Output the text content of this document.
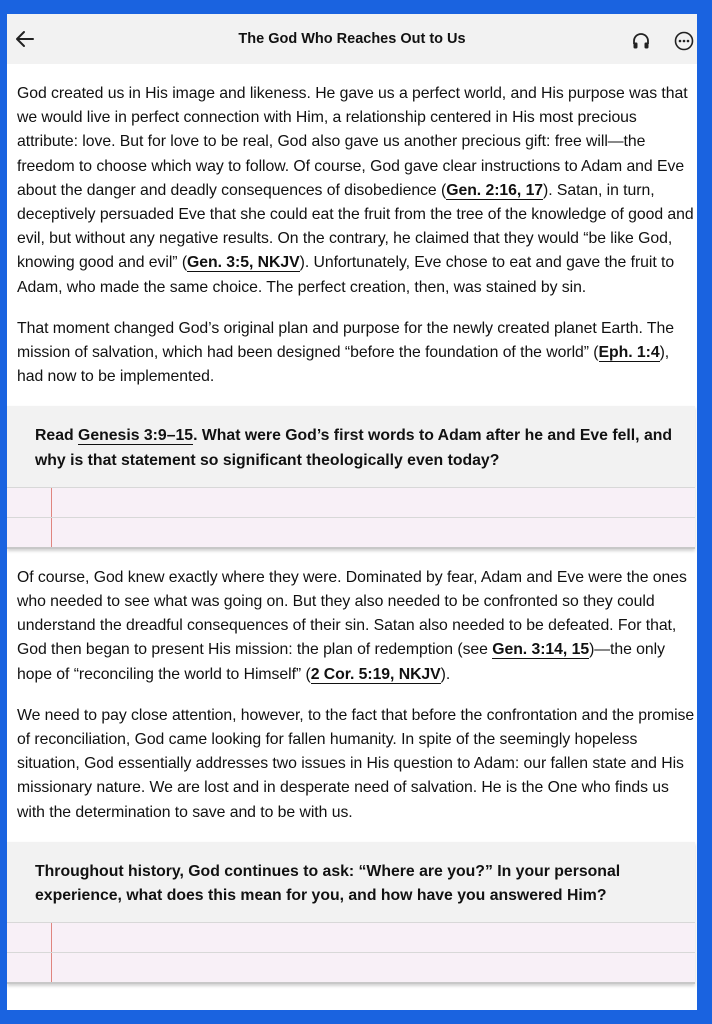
The God Who Reaches Out to Us

God created us in His image and likeness. He gave us a perfect world, and His purpose was that we would live in perfect connection with Him, a relationship centered in His most precious attribute: love. But for love to be real, God also gave us another precious gift: free will—the freedom to choose which way to follow. Of course, God gave clear instructions to Adam and Eve about the danger and deadly consequences of disobedience (Gen. 2:16, 17). Satan, in turn, deceptively persuaded Eve that she could eat the fruit from the tree of the knowledge of good and evil, but without any negative results. On the contrary, he claimed that they would “be like God, knowing good and evil” (Gen. 3:5, NKJV). Unfortunately, Eve chose to eat and gave the fruit to Adam, who made the same choice. The perfect creation, then, was stained by sin.

That moment changed God’s original plan and purpose for the newly created planet Earth. The mission of salvation, which had been designed “before the foundation of the world” (Eph. 1:4), had now to be implemented.

Read Genesis 3:9–15. What were God’s first words to Adam after he and Eve fell, and why is that statement so significant theologically even today?

Of course, God knew exactly where they were. Dominated by fear, Adam and Eve were the ones who needed to see what was going on. But they also needed to be confronted so they could understand the dreadful consequences of their sin. Satan also needed to be defeated. For that, God then began to present His mission: the plan of redemption (see Gen. 3:14, 15)—the only hope of “reconciling the world to Himself” (2 Cor. 5:19, NKJV).

We need to pay close attention, however, to the fact that before the confrontation and the promise of reconciliation, God came looking for fallen humanity. In spite of the seemingly hopeless situation, God essentially addresses two issues in His question to Adam: our fallen state and His missionary nature. We are lost and in desperate need of salvation. He is the One who finds us with the determination to save and to be with us.

Throughout history, God continues to ask: “Where are you?” In your personal experience, what does this mean for you, and how have you answered Him?
